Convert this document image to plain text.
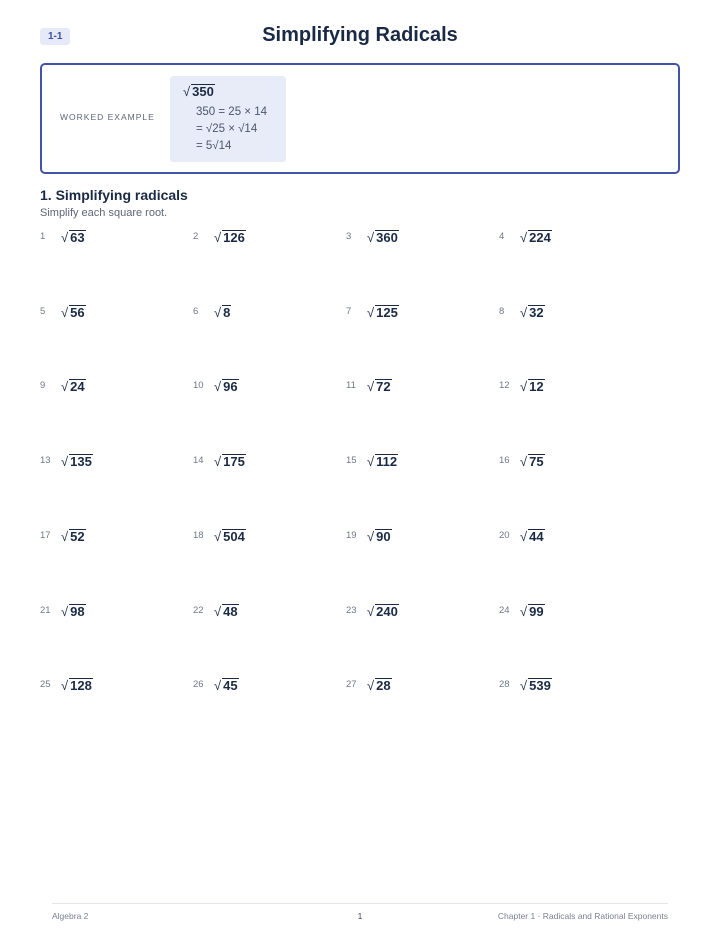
1-1	Simplifying Radicals
WORKED EXAMPLE
√ 350
350 = 25 × 14
= √25 × √14
= 5√14
1. Simplifying radicals
Simplify each square root.
1	√ 63	2	√ 126	3	√ 360	4	√ 224
5	√ 56	6	√ 8	7	√ 125	8	√ 32
9	√ 24	10 √ 96	11 √ 72	12 √ 12
13 √ 135	14 √ 175	15 √ 112	16 √ 75
17 √ 52	18 √ 504	19 √ 90	20 √ 44
21 √ 98	22 √ 48	23 √ 240	24 √ 99
25 √ 128	26 √ 45	27 √ 28	28 √ 539
Algebra 2	1	Chapter 1 · Radicals and Rational Exponents
